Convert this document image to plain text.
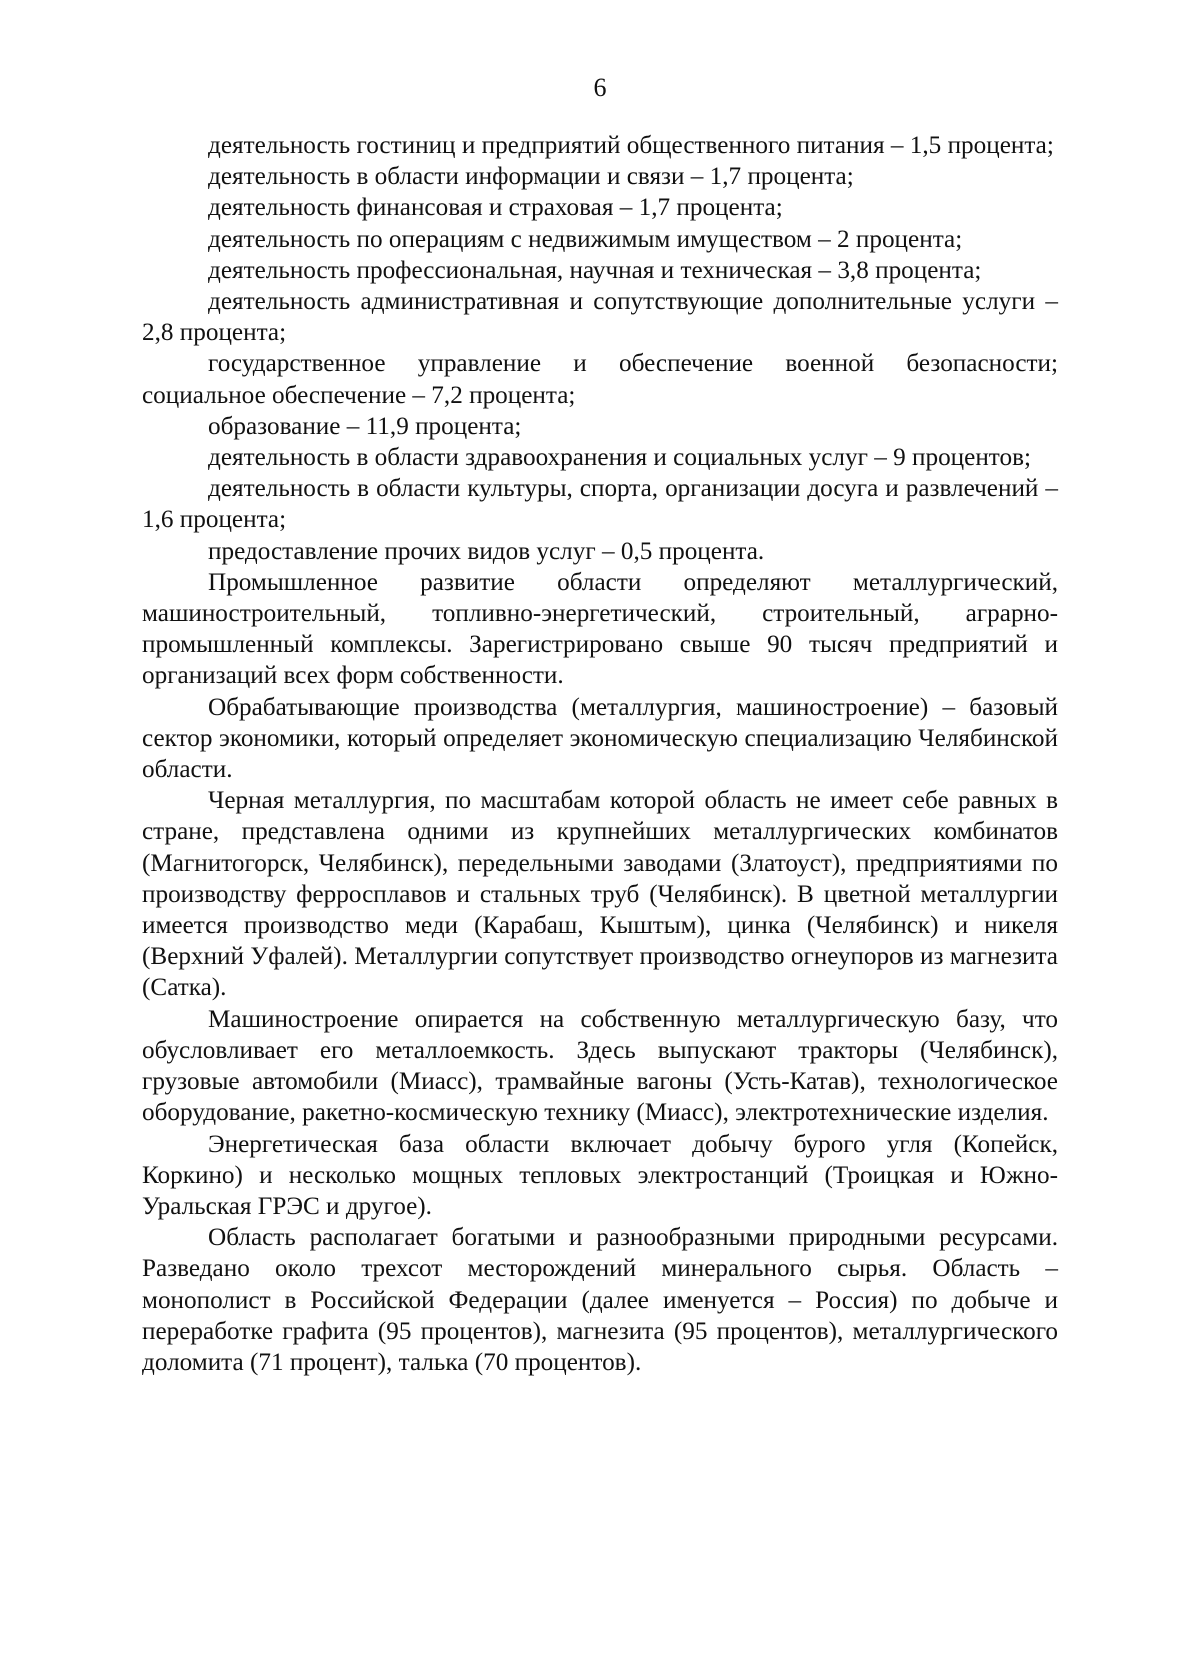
6

деятельность гостиниц и предприятий общественного питания – 1,5 процента;

деятельность в области информации и связи – 1,7 процента;

деятельность финансовая и страховая – 1,7 процента;

деятельность по операциям с недвижимым имуществом – 2 процента;

деятельность профессиональная, научная и техническая – 3,8 процента;

деятельность административная и сопутствующие дополнительные услуги – 2,8 процента;

государственное управление и обеспечение военной безопасности; социальное обеспечение – 7,2 процента;

образование – 11,9 процента;

деятельность в области здравоохранения и социальных услуг – 9 процентов;

деятельность в области культуры, спорта, организации досуга и развлечений – 1,6 процента;

предоставление прочих видов услуг – 0,5 процента.

Промышленное развитие области определяют металлургический, машиностроительный, топливно-энергетический, строительный, аграрно-промышленный комплексы. Зарегистрировано свыше 90 тысяч предприятий и организаций всех форм собственности.

Обрабатывающие производства (металлургия, машиностроение) – базовый сектор экономики, который определяет экономическую специализацию Челябинской области.

Черная металлургия, по масштабам которой область не имеет себе равных в стране, представлена одними из крупнейших металлургических комбинатов (Магнитогорск, Челябинск), передельными заводами (Златоуст), предприятиями по производству ферросплавов и стальных труб (Челябинск). В цветной металлургии имеется производство меди (Карабаш, Кыштым), цинка (Челябинск) и никеля (Верхний Уфалей). Металлургии сопутствует производство огнеупоров из магнезита (Сатка).

Машиностроение опирается на собственную металлургическую базу, что обусловливает его металлоемкость. Здесь выпускают тракторы (Челябинск), грузовые автомобили (Миасс), трамвайные вагоны (Усть-Катав), технологическое оборудование, ракетно-космическую технику (Миасс), электротехнические изделия.

Энергетическая база области включает добычу бурого угля (Копейск, Коркино) и несколько мощных тепловых электростанций (Троицкая и Южно-Уральская ГРЭС и другое).

Область располагает богатыми и разнообразными природными ресурсами. Разведано около трехсот месторождений минерального сырья. Область – монополист в Российской Федерации (далее именуется – Россия) по добыче и переработке графита (95 процентов), магнезита (95 процентов), металлургического доломита (71 процент), талька (70 процентов).
